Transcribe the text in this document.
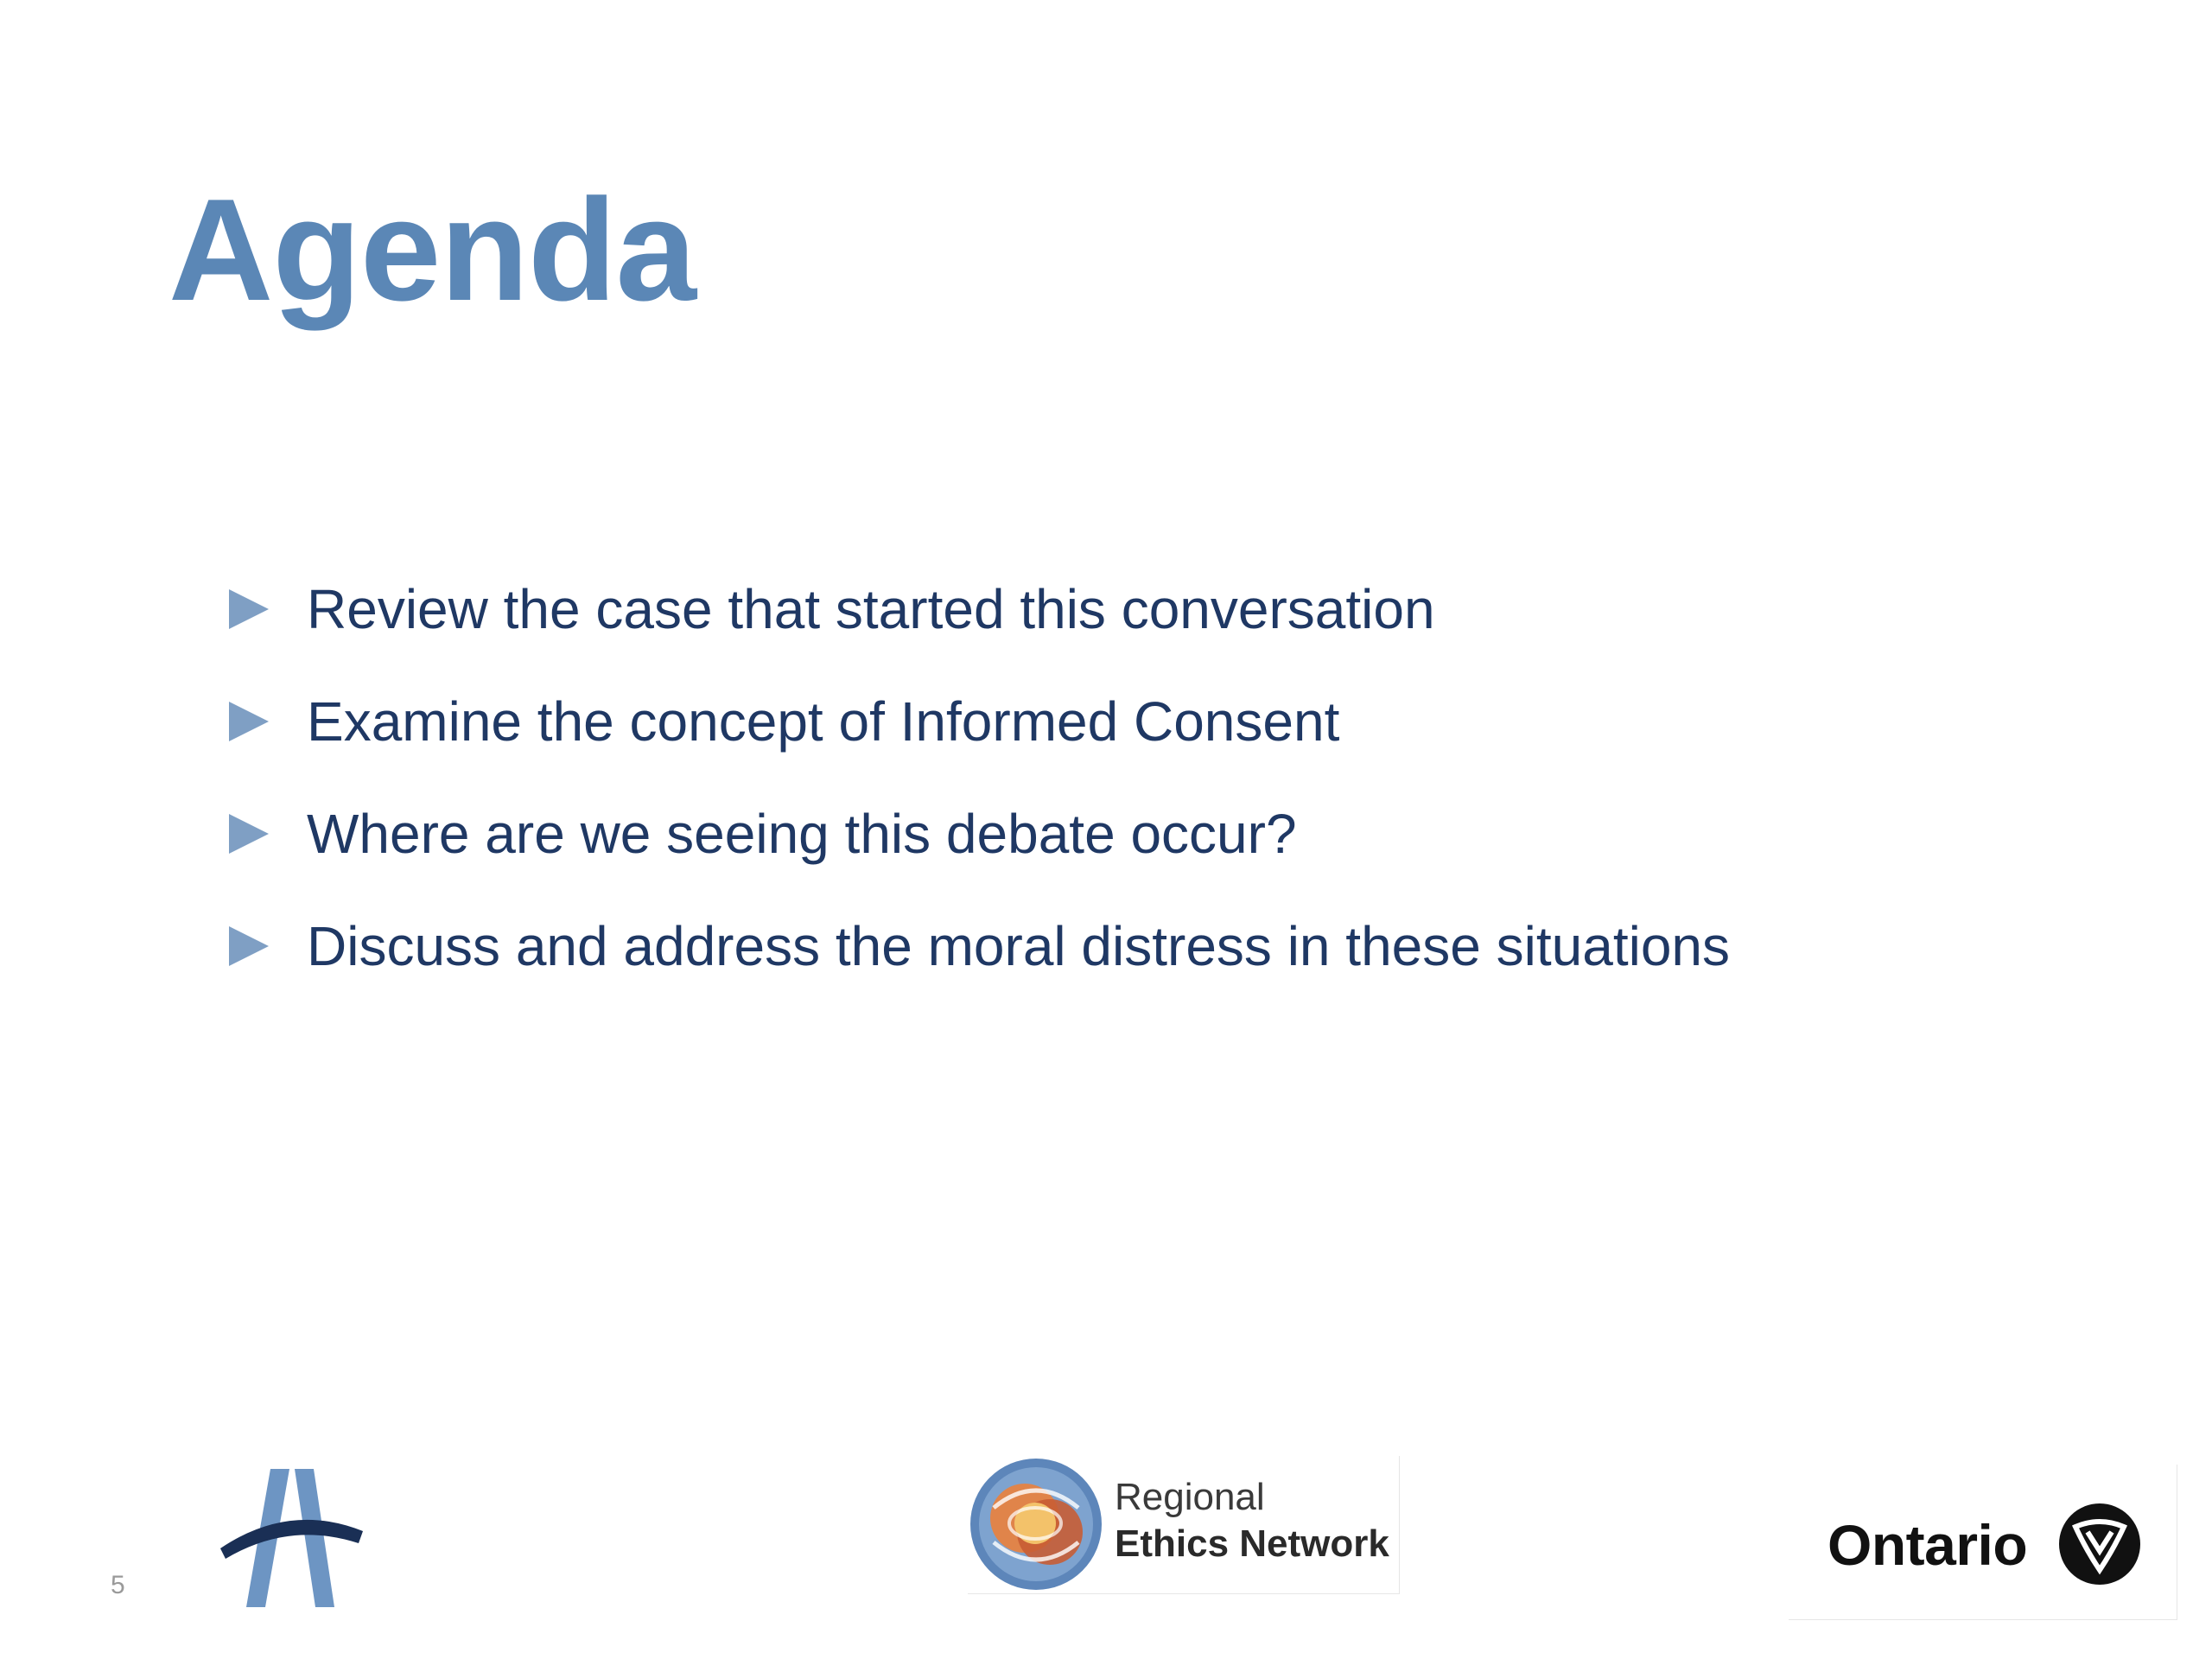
Agenda
Review the case that started this conversation
Examine the concept of Informed Consent
Where are we seeing this debate occur?
Discuss and address the moral distress in these situations
5
Regional
Ethics Network	Ontario
